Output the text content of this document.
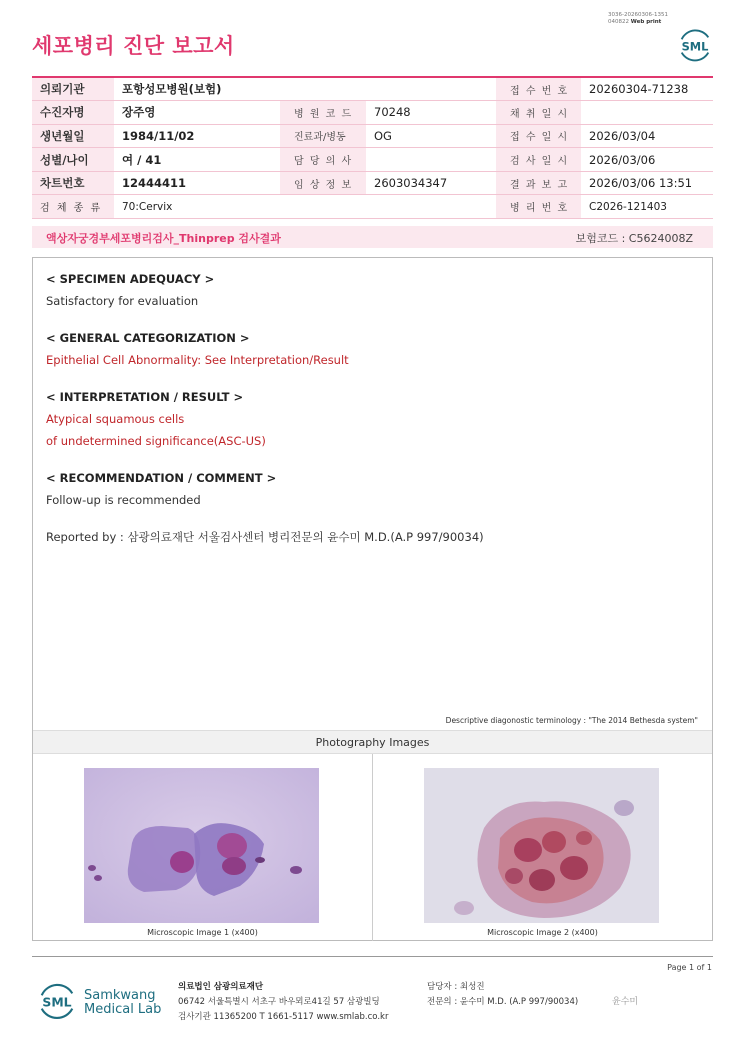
3036-20260306-1351
040822 Web print
세포병리 진단 보고서	SML
의뢰기관	포항성모병원(보험)			접 수 번 호	20260304-71238
수진자명	장주영	병 원 코 드	70248	채 취 일 시	
생년월일	1984/11/02	진료과/병동	OG	접 수 일 시	2026/03/04
성별/나이	여 / 41	담 당 의 사		검 사 일 시	2026/03/06
차트번호	12444411	임 상 정 보	2603034347	결 과 보 고	2026/03/06 13:51
검 체 종 류	70:Cervix			병 리 번 호	C2026-121403
액상자궁경부세포병리검사_Thinprep 검사결과	보험코드 : C5624008Z
< SPECIMEN ADEQUACY >
Satisfactory for evaluation
< GENERAL CATEGORIZATION >
Epithelial Cell Abnormality: See Interpretation/Result
< INTERPRETATION / RESULT >
Atypical squamous cells
of undetermined significance(ASC-US)
< RECOMMENDATION / COMMENT >
Follow-up is recommended
Reported by : 삼광의료재단 서울검사센터 병리전문의 윤수미 M.D.(A.P 997/90034)
Descriptive diagonostic terminology : "The 2014 Bethesda system"
Photography Images
Microscopic Image 1 (x400)	Microscopic Image 2 (x400)
Page 1 of 1
SML Samkwang
Medical Lab
의료법인 삼광의료재단
06742 서울특별시 서초구 바우뫼로41길 57 삼광빌딩
검사기관 11365200 T 1661-5117 www.smlab.co.kr
담당자 : 최성진
전문의 : 윤수미 M.D. (A.P 997/90034)	윤수미
